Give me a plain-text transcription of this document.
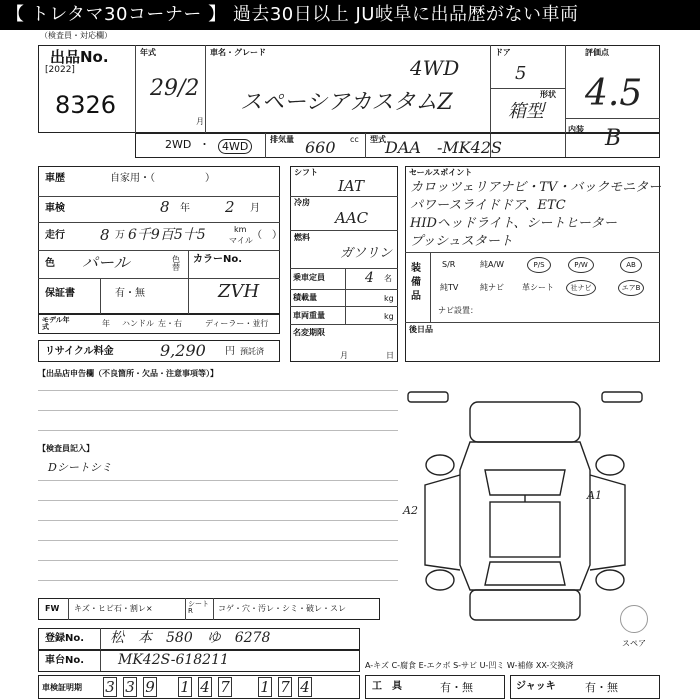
【 トレタマ30コーナー 】 過去30日以上 JU岐阜に出品歴がない車両
（検査員・対応欄）
出品No.
[2022]
8326
年式
29/2
月
車名・グレード
4WD
スペーシアカスタムZ
ドア
5
形状
箱型
評価点
4.5
内装 B
2WD ・	4WD
排気量 660 cc 型式 DAA　-MK42S
車歴	自家用・（　　　　　）
車検	8 年 2 月
走行 8 万 6千9百5十5	km
マイル （　）
色 パール	色替
カラーNo.
保証書	有・無	ZVH
モデル年式	年 ハンドル 左・右	ディーラー・並行
リサイクル料金	9,290 円 預託済
シフト
IAT
冷房
AAC
燃料
ガソリン
乗車定員	4 名
積載量	kg
車両重量	kg
名変期限
月	日
セールスポイント
カロッツェリアナビ・TV・バックモニター
パワースライドドア、ETC
HIDヘッドライト、シートヒーター
プッシュスタート
装備品
S/R	純A/W	P/S	P/W	AB
純TV	純ナビ 革シート	社ナビ	エアB
ナビ設置：
後日品
【出品店申告欄（不良箇所・欠品・注意事項等）】
【検査員記入】
Dシートシミ
A2
A1
FW キズ・ヒビ石・割レ×	シートR	コゲ・穴・汚レ・シミ・破レ・スレ
スペア
登録No. 松　本　580　ゆ　6278
車台No. MK42S-618211	A-キズ C-腐食 E-エクボ S-サビ U-凹ミ W-補修 XX-交換済
車検証明期 3 3 9 1 4 7 1 7 4	工　具	有・無	ジャッキ	有・無
